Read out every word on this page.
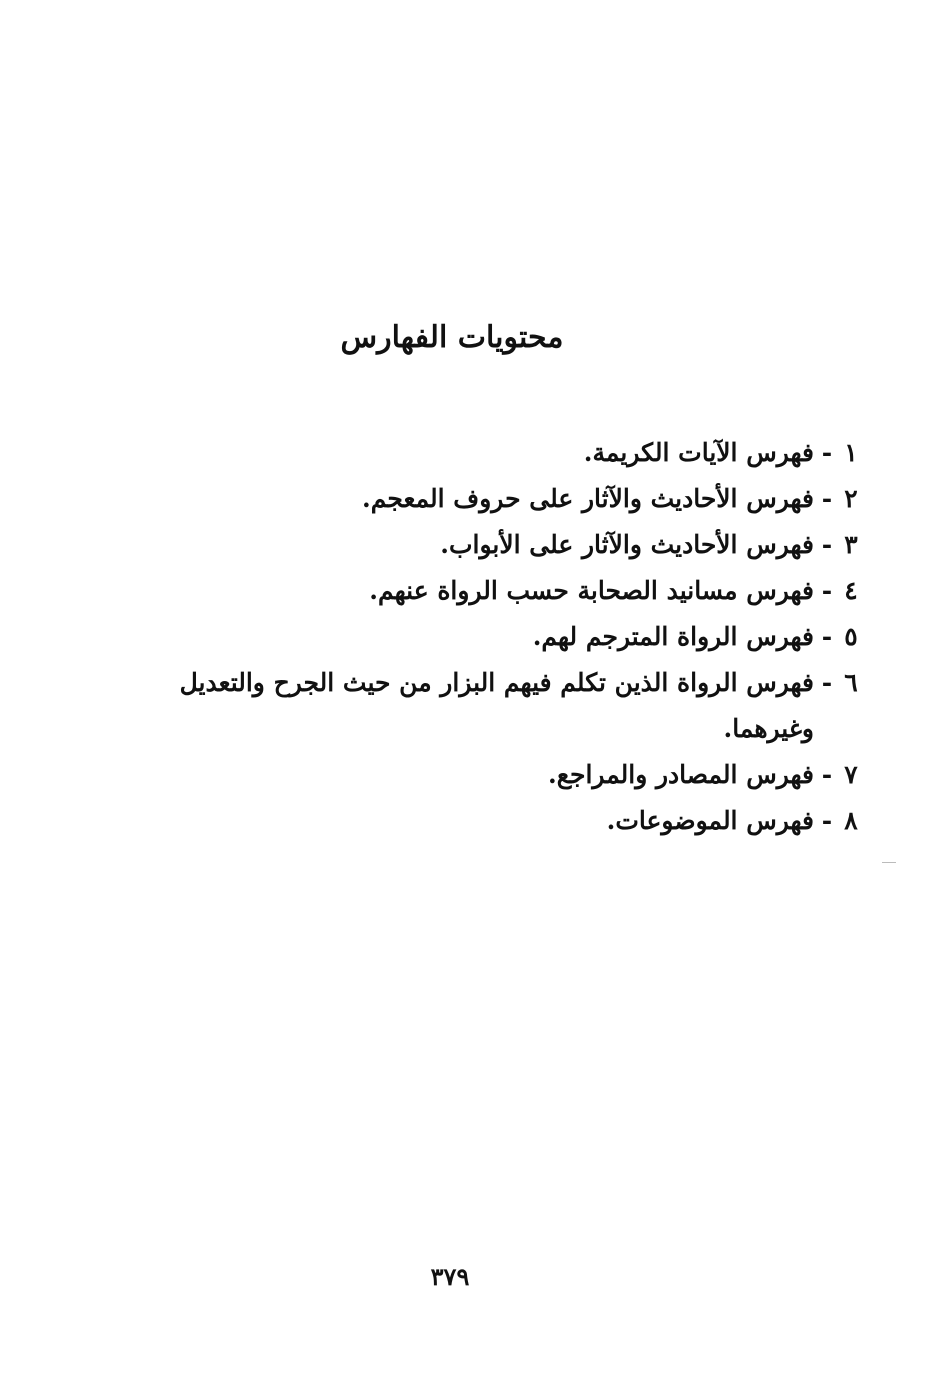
محتويات الفهارس
١
-
فهرس الآيات الكريمة.
٢
-
فهرس الأحاديث والآثار على حروف المعجم.
٣
-
فهرس الأحاديث والآثار على الأبواب.
٤
-
فهرس مسانيد الصحابة حسب الرواة عنهم.
٥
-
فهرس الرواة المترجم لهم.
٦
-
فهرس الرواة الذين تكلم فيهم البزار من حيث الجرح والتعديل وغيرهما.
٧
-
فهرس المصادر والمراجع.
٨
-
فهرس الموضوعات.
٣٧٩
